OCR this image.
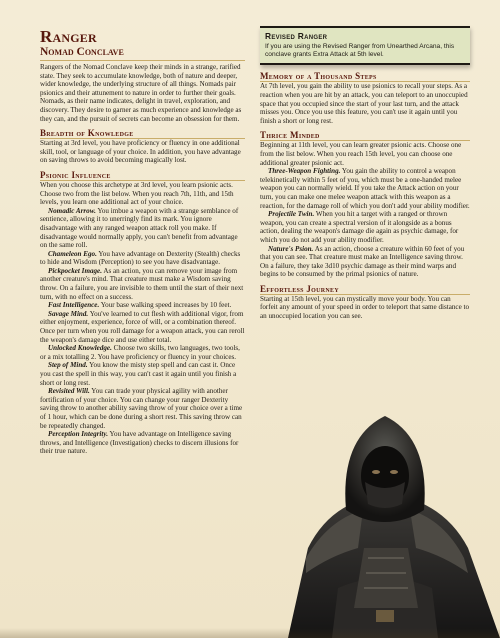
Ranger
Nomad Conclave

Rangers of the Nomad Conclave keep their minds in a strange, rarified state. They seek to accumulate knowledge, both of nature and deeper, wider knowledge, the underlying structure of all things. Nomads pair psionics and their attunement to nature in order to further their goals. Nomads, as their name indicates, delight in travel, exploration, and discovery. They desire to garner as much experience and knowledge as they can, and the pursuit of secrets can become an obsession for them.

Breadth of Knowledge

Starting at 3rd level, you have proficiency or fluency in one additional skill, tool, or language of your choice. In addition, you have advantage on saving throws to avoid becoming magically lost.

Psionic Influence

When you choose this archetype at 3rd level, you learn psionic acts. Choose two from the list below. When you reach 7th, 11th, and 15th levels, you learn one additional act of your choice.

Nomadic Arrow. You imbue a weapon with a strange semblance of sentience, allowing it to unerringly find its mark. You ignore disadvantage with any ranged weapon attack roll you make. If disadvantage would normally apply, you can't benefit from advantage on the same roll.

Chameleon Ego. You have advantage on Dexterity (Stealth) checks to hide and Wisdom (Perception) to see you have disadvantage.

Pickpocket Image. As an action, you can remove your image from another creature's mind. That creature must make a Wisdom saving throw. On a failure, you are invisible to them until the start of their next turn, with no effect on a success.

Fast Intelligence. Your base walking speed increases by 10 feet.

Savage Mind. You've learned to cut flesh with additional vigor, from either enjoyment, experience, force of will, or a combination thereof. Once per turn when you roll damage for a weapon attack, you can reroll the weapon's damage dice and use either total.

Unlocked Knowledge. Choose two skills, two languages, two tools, or a mix totalling 2. You have proficiency or fluency in your choices.

Step of Mind. You know the misty step spell and can cast it. Once you cast the spell in this way, you can't cast it again until you finish a short or long rest.

Revisited Will. You can trade your physical agility with another fortification of your choice. You can change your ranger Dexterity saving throw to another ability saving throw of your choice over a time of 1 hour, which can be done during a short rest. This saving throw can be repeatedly changed.

Perception Integrity. You have advantage on Intelligence saving throws, and Intelligence (Investigation) checks to discern illusions for their true nature.

Revised Ranger

If you are using the Revised Ranger from Unearthed Arcana, this conclave grants Extra Attack at 5th level.

Memory of a Thousand Steps

At 7th level, you gain the ability to use psionics to recall your steps. As a reaction when you are hit by an attack, you can teleport to an unoccupied space that you occupied since the start of your last turn, and the attack misses you. Once you use this feature, you can't use it again until you finish a short or long rest.

Thrice Minded

Beginning at 11th level, you can learn greater psionic acts. Choose one from the list below. When you reach 15th level, you can choose one additional greater psionic act.

Three-Weapon Fighting. You gain the ability to control a weapon telekinetically within 5 feet of you, which must be a one-handed melee weapon you can normally wield. If you take the Attack action on your turn, you can make one melee weapon attack with this weapon as a reaction, for the damage roll of which you don't add your ability modifier.

Projectile Twin. When you hit a target with a ranged or thrown weapon, you can create a spectral version of it alongside as a bonus action, dealing the weapon's damage die again as psychic damage, for which you do not add your ability modifier.

Nature's Psion. As an action, choose a creature within 60 feet of you that you can see. That creature must make an Intelligence saving throw. On a failure, they take 3d10 psychic damage as their mind warps and begins to be consumed by the primal psionics of nature.

Effortless Journey

Starting at 15th level, you can mystically move your body. You can forfeit any amount of your speed in order to teleport that same distance to an unoccupied location you can see.
